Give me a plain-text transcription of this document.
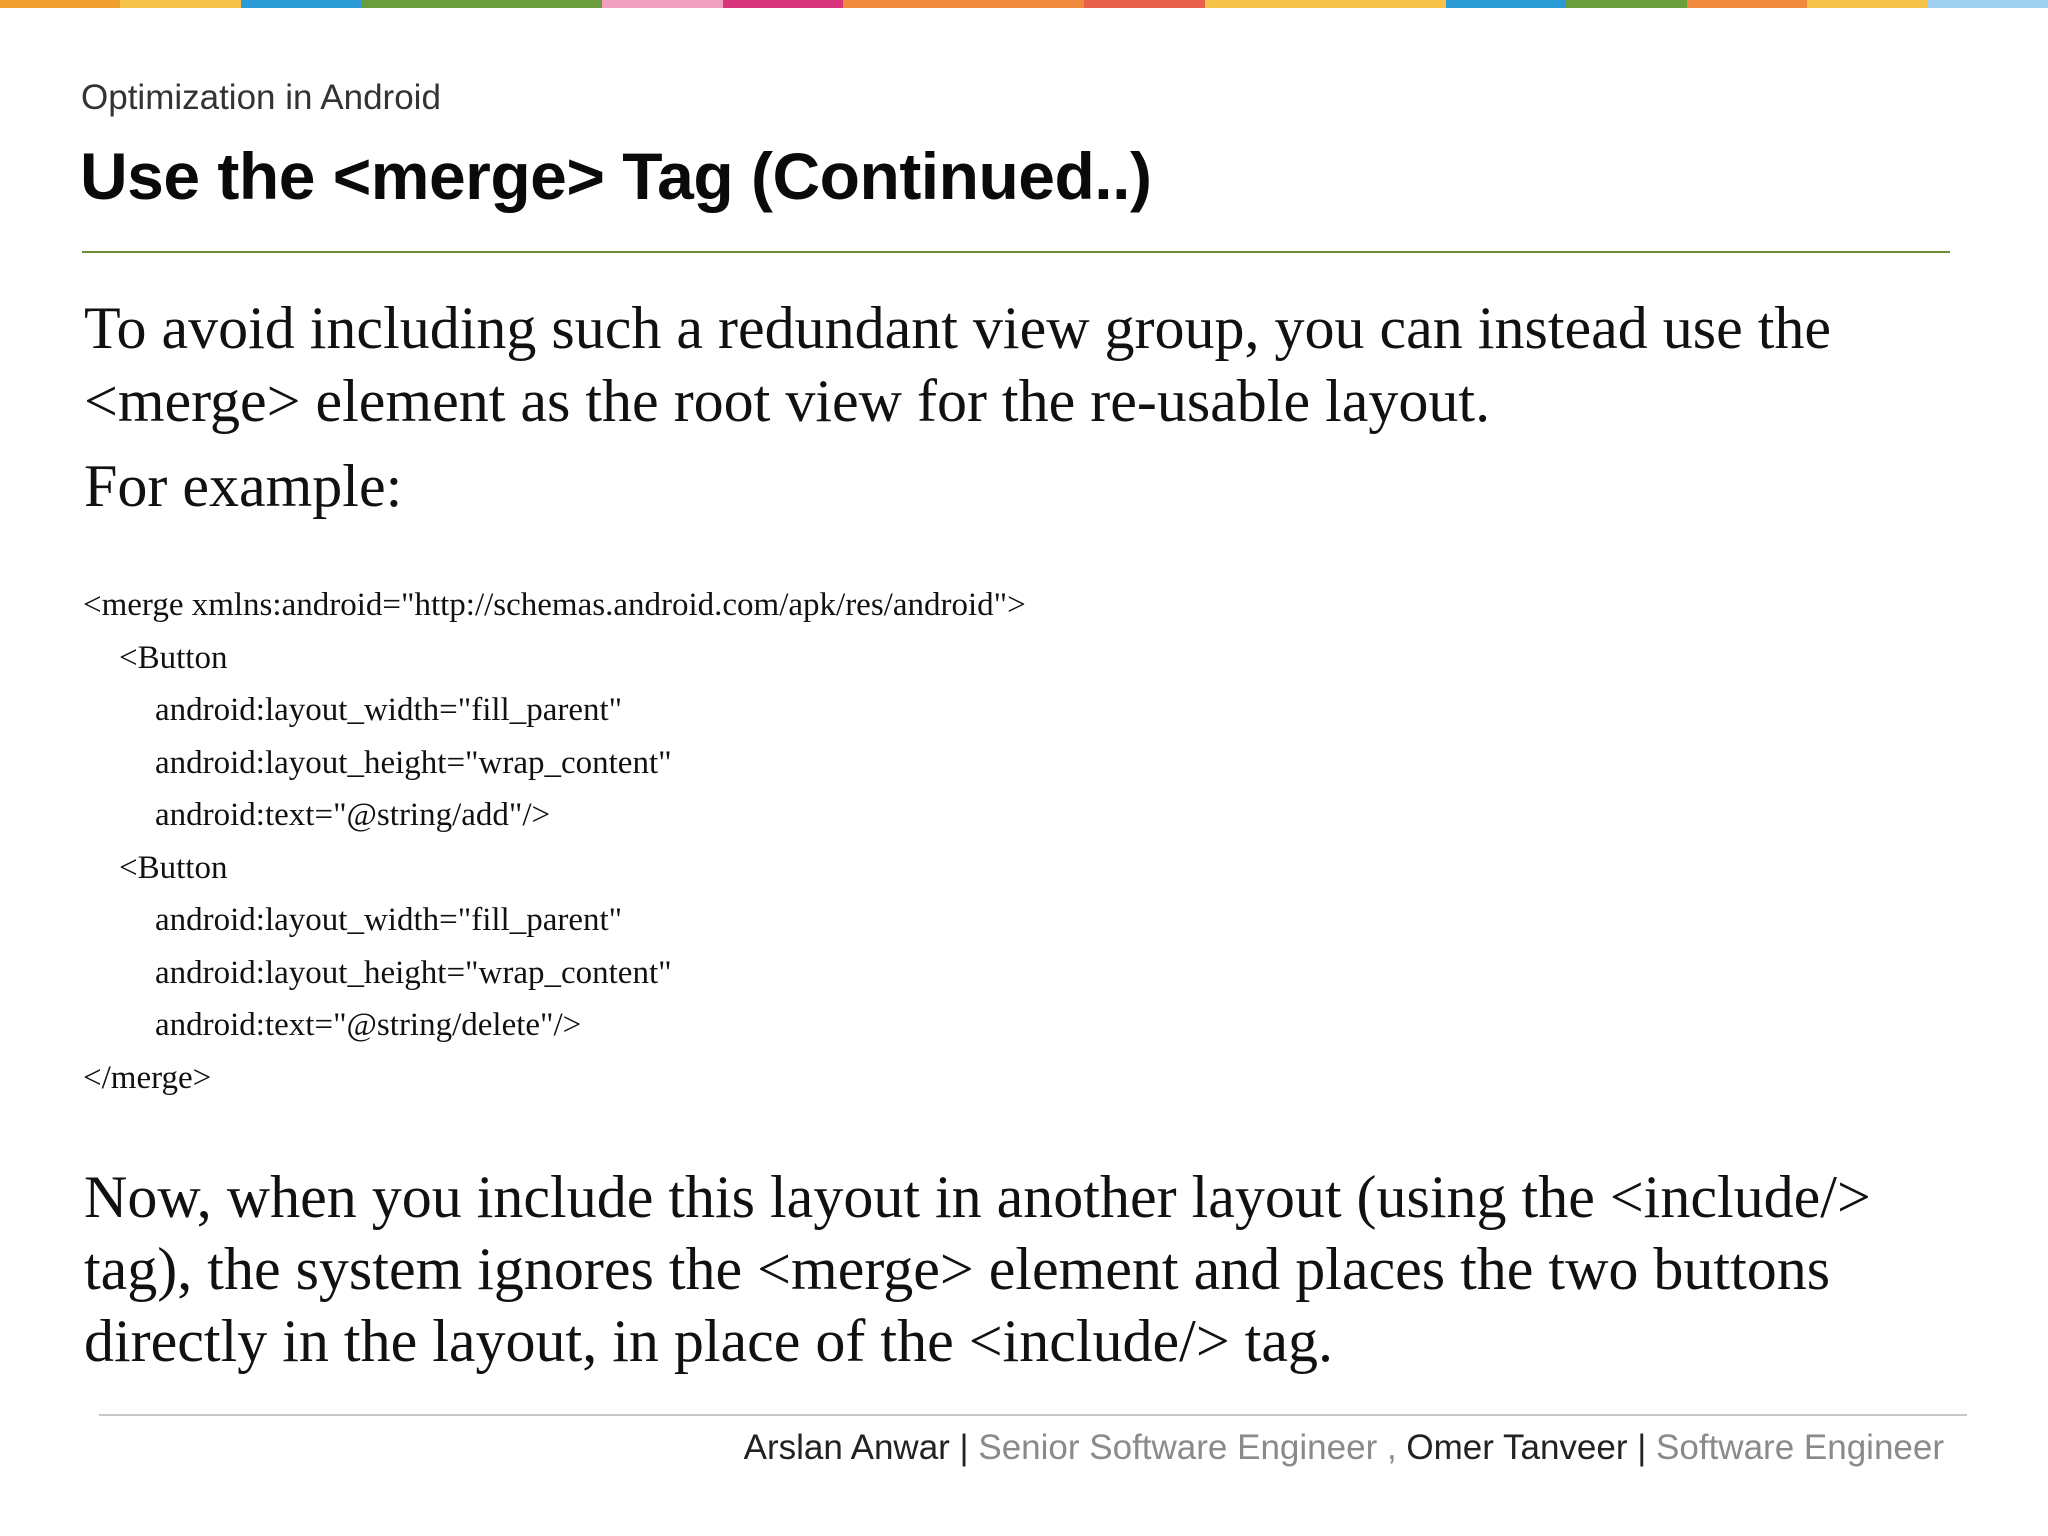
Optimization in Android
Use the <merge> Tag (Continued..)
To avoid including such a redundant view group, you can instead use the
<merge> element as the root view for the re-usable layout.
For example:
<merge xmlns:android="http://schemas.android.com/apk/res/android">
<Button
android:layout_width="fill_parent"
android:layout_height="wrap_content"
android:text="@string/add"/>
<Button
android:layout_width="fill_parent"
android:layout_height="wrap_content"
android:text="@string/delete"/>
</merge>
Now, when you include this layout in another layout (using the <include/>
tag), the system ignores the <merge> element and places the two buttons
directly in the layout, in place of the <include/> tag.
Arslan Anwar | Senior Software Engineer , Omer Tanveer | Software Engineer
